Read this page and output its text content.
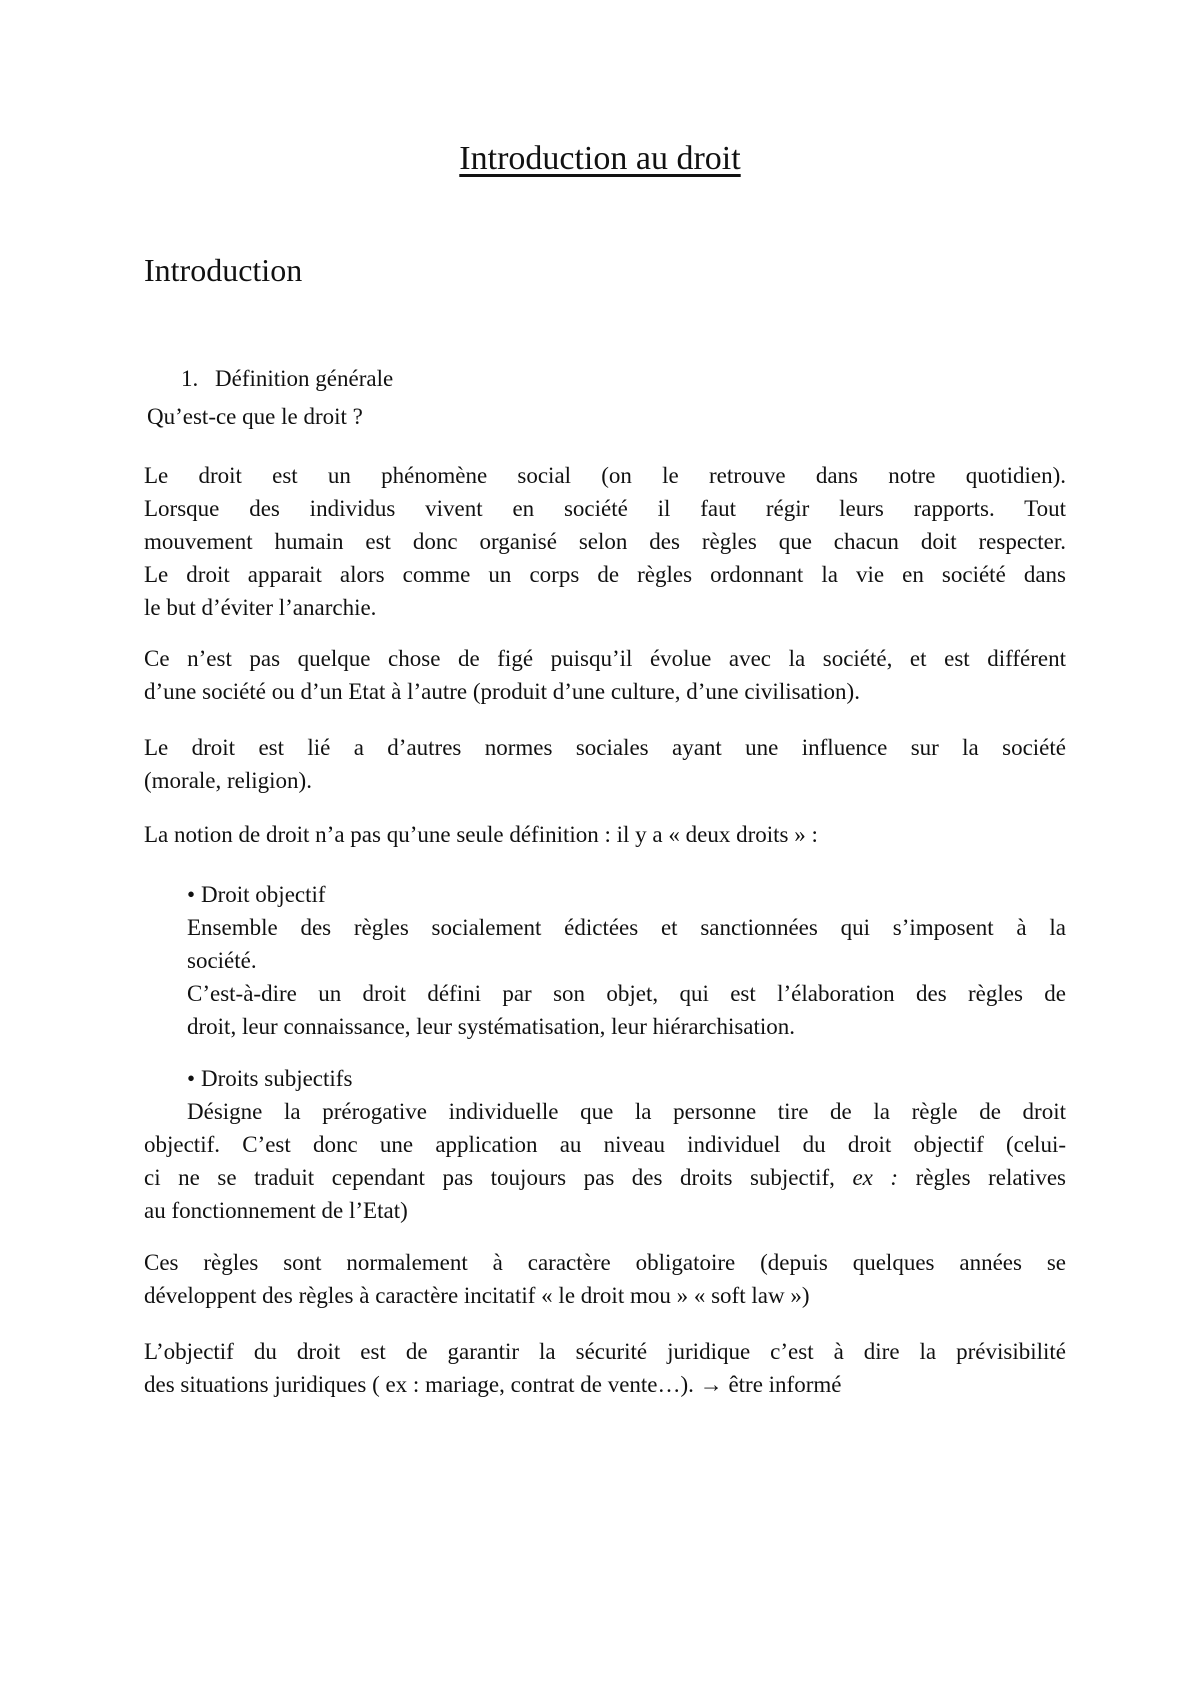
Introduction au droit
Introduction
1. Définition générale
Qu’est-ce que le droit ?
Le droit est un phénomène social (on le retrouve dans notre quotidien).
Lorsque des individus vivent en société il faut régir leurs rapports. Tout
mouvement humain est donc organisé selon des règles que chacun doit respecter.
Le droit apparait alors comme un corps de règles ordonnant la vie en société dans
le but d’éviter l’anarchie.
Ce n’est pas quelque chose de figé puisqu’il évolue avec la société, et est différent
d’une société ou d’un Etat à l’autre (produit d’une culture, d’une civilisation).
Le droit est lié a d’autres normes sociales ayant une influence sur la société
(morale, religion).
La notion de droit n’a pas qu’une seule définition : il y a « deux droits » :
• Droit objectif
Ensemble des règles socialement édictées et sanctionnées qui s’imposent à la
société.
C’est-à-dire un droit défini par son objet, qui est l’élaboration des règles de
droit, leur connaissance, leur systématisation, leur hiérarchisation.
• Droits subjectifs
Désigne la prérogative individuelle que la personne tire de la règle de droit
objectif. C’est donc une application au niveau individuel du droit objectif (celui-
ci ne se traduit cependant pas toujours pas des droits subjectif, ex : règles relatives
au fonctionnement de l’Etat)
Ces règles sont normalement à caractère obligatoire (depuis quelques années se
développent des règles à caractère incitatif « le droit mou » « soft law »)
L’objectif du droit est de garantir la sécurité juridique c’est à dire la prévisibilité
des situations juridiques ( ex : mariage, contrat de vente…). → être informé
